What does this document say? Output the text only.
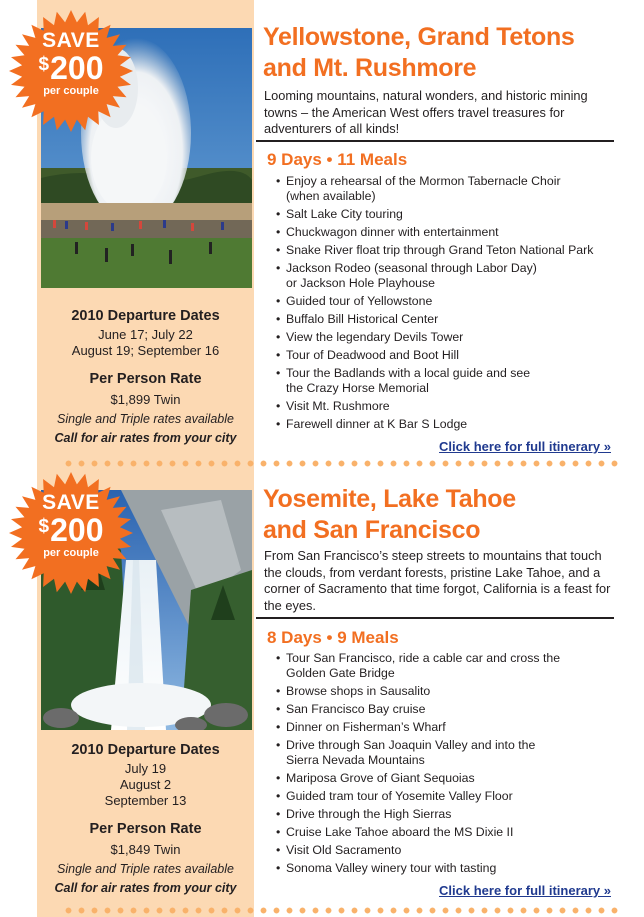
SAVE
$200
per couple
2010 Departure Dates
June 17; July 22
August 19; September 16
Per Person Rate
$1,899 Twin
Single and Triple rates available
Call for air rates from your city
Yellowstone, Grand Tetons
and Mt. Rushmore
Looming mountains, natural wonders, and historic mining towns – the American West offers travel treasures for adventurers of all kinds!
9 Days • 11 Meals
• Enjoy a rehearsal of the Mormon Tabernacle Choir
(when available)
• Salt Lake City touring
• Chuckwagon dinner with entertainment
• Snake River float trip through Grand Teton National Park
• Jackson Rodeo (seasonal through Labor Day)
or Jackson Hole Playhouse
• Guided tour of Yellowstone
• Buffalo Bill Historical Center
• View the legendary Devils Tower
• Tour of Deadwood and Boot Hill
• Tour the Badlands with a local guide and see
the Crazy Horse Memorial
• Visit Mt. Rushmore
• Farewell dinner at K Bar S Lodge
Click here for full itinerary »
SAVE
$200
per couple
2010 Departure Dates
July 19
August 2
September 13
Per Person Rate
$1,849 Twin
Single and Triple rates available
Call for air rates from your city
Yosemite, Lake Tahoe
and San Francisco
From San Francisco’s steep streets to mountains that touch the clouds, from verdant forests, pristine Lake Tahoe, and a corner of Sacramento that time forgot, California is a feast for the eyes.
8 Days • 9 Meals
• Tour San Francisco, ride a cable car and cross the
Golden Gate Bridge
• Browse shops in Sausalito
• San Francisco Bay cruise
• Dinner on Fisherman’s Wharf
• Drive through San Joaquin Valley and into the
Sierra Nevada Mountains
• Mariposa Grove of Giant Sequoias
• Guided tram tour of Yosemite Valley Floor
• Drive through the High Sierras
• Cruise Lake Tahoe aboard the MS Dixie II
• Visit Old Sacramento
• Sonoma Valley winery tour with tasting
Click here for full itinerary »
